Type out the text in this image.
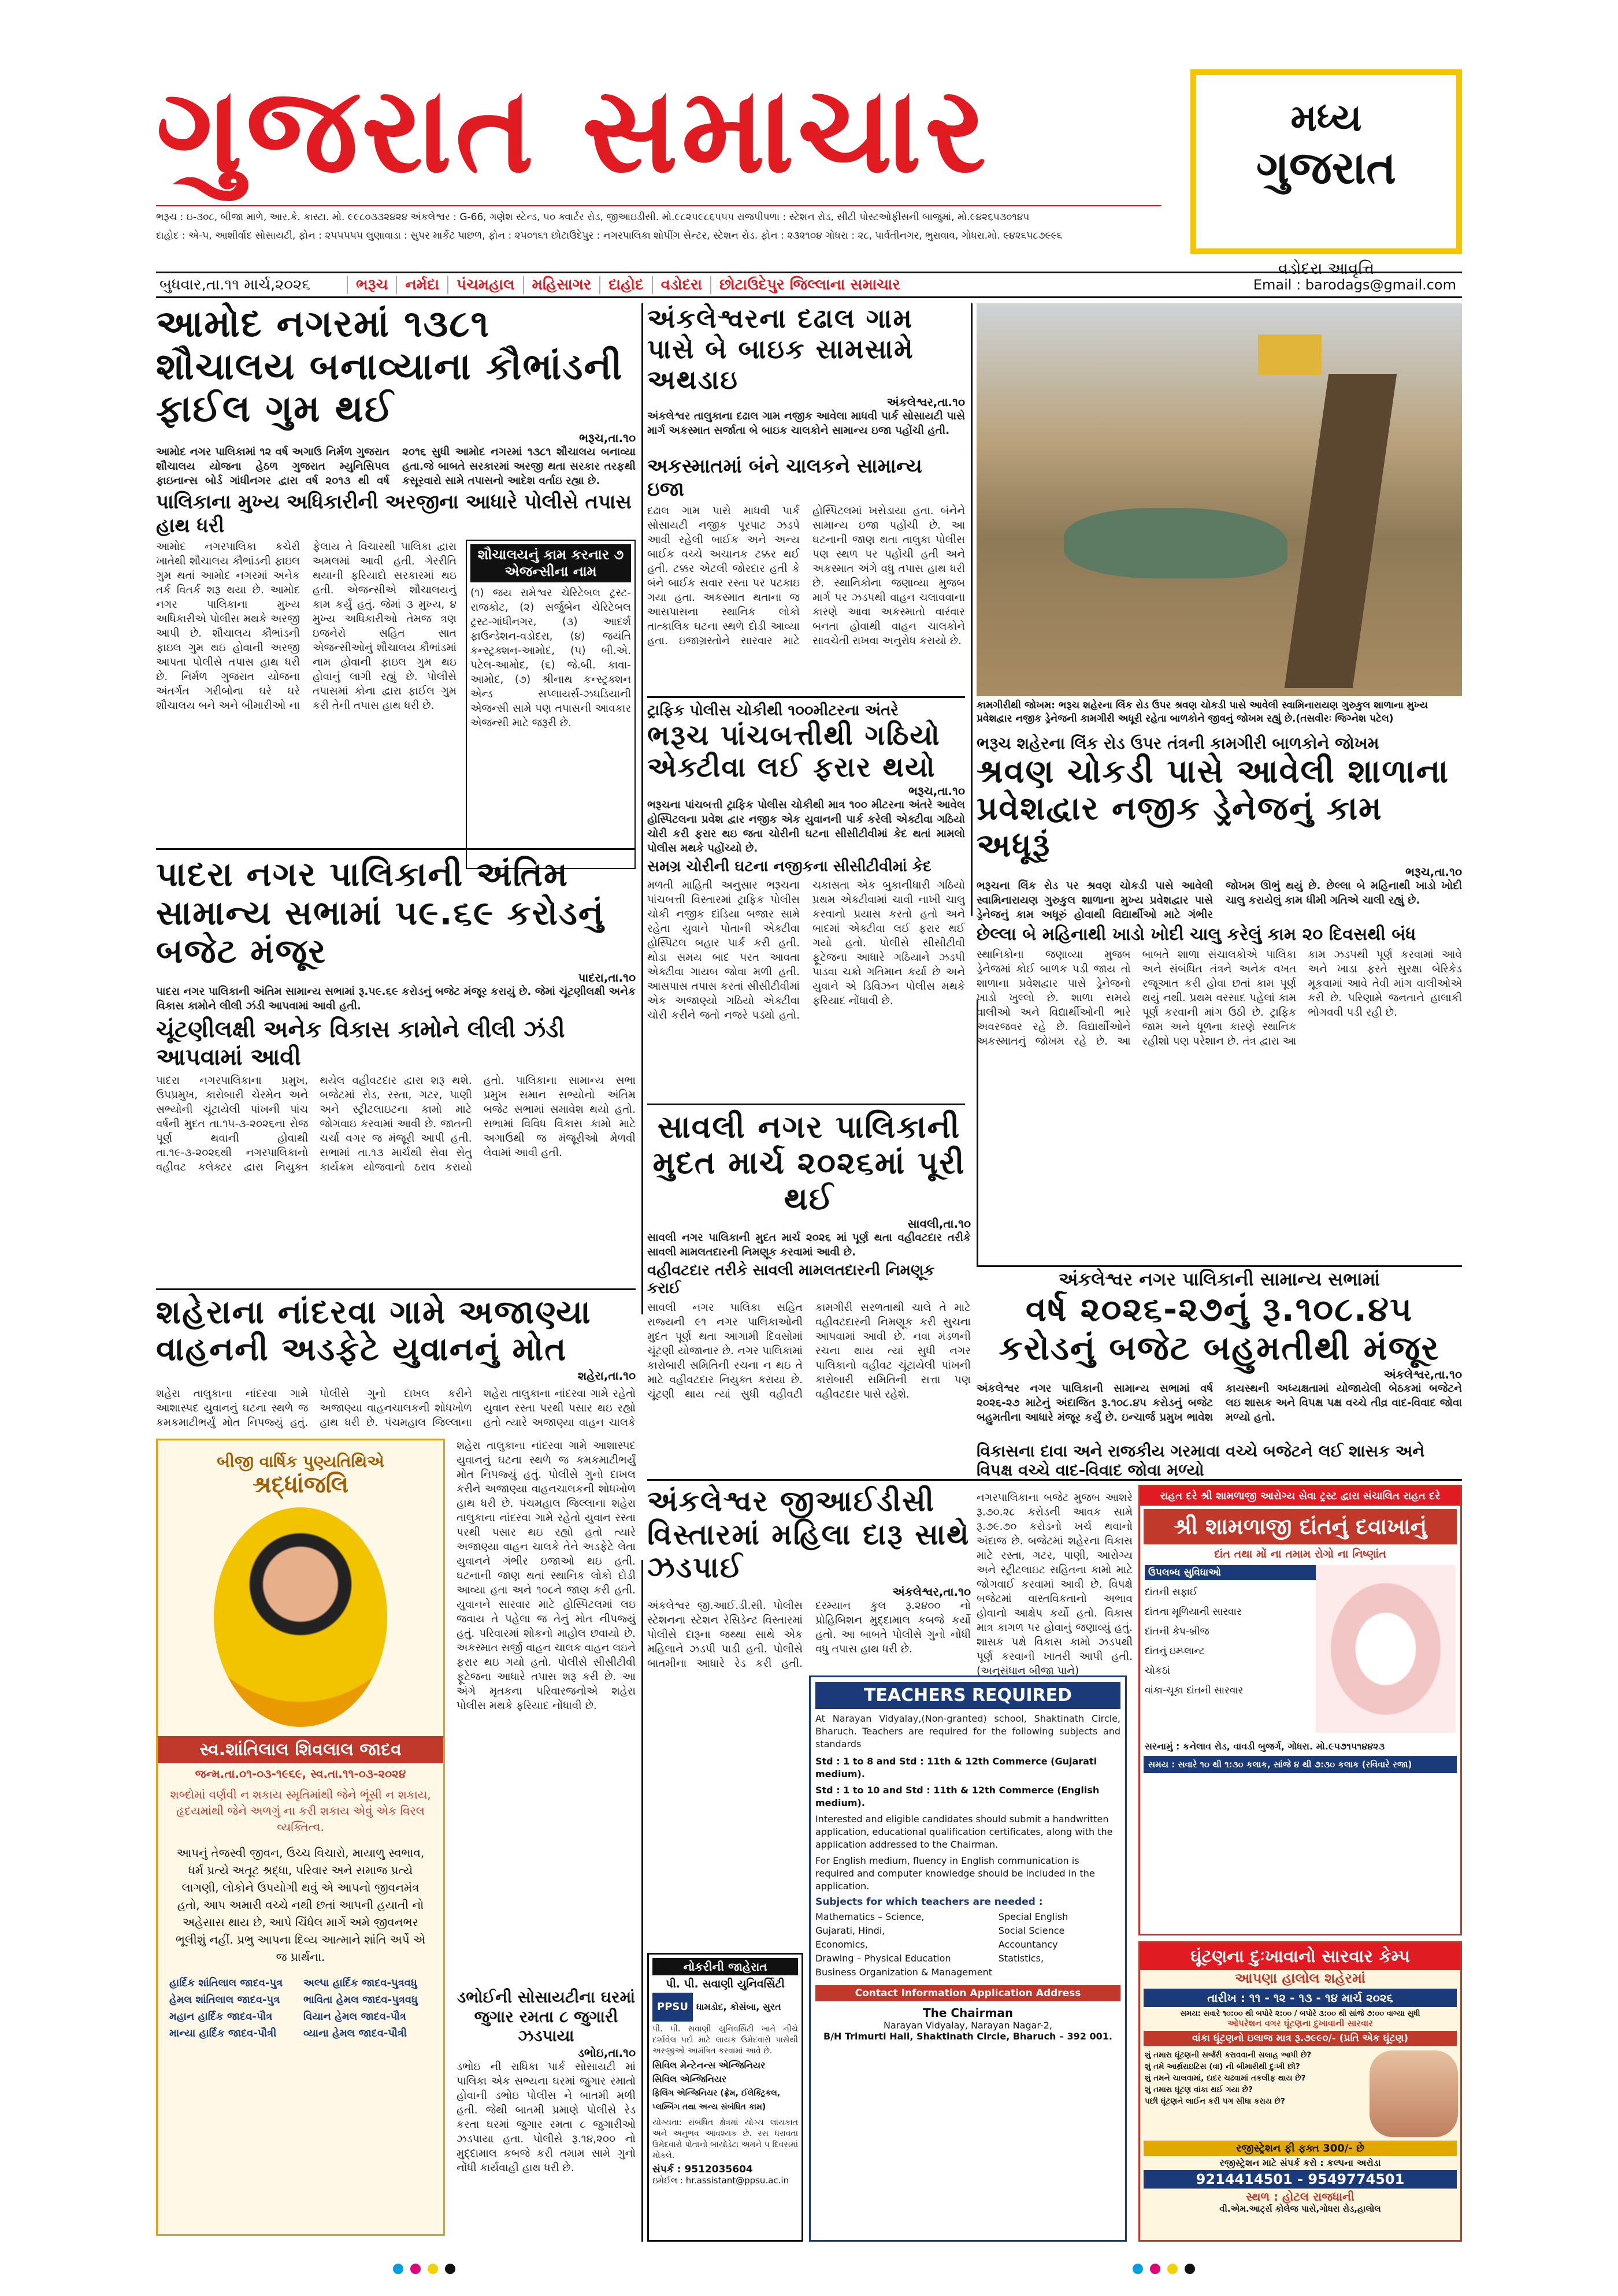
ગુજરાત સમાચાર
ભરૂચ : ઇ-૩૦૮, બીજા માળે, આર.કે. કાસ્ટા. મો. ૯૯૮૦૩૩૨૪૨૪ અંકલેશ્વર : G-66, ગણેશ સ્ટેન્ડ, ૫૦ ક્વાર્ટર રોડ, જીઆઇડીસી. મો.૯૮૨૫૯૮૬૫૫૫ રાજપીપળા : સ્ટેશન રોડ, સીટી પોસ્ટઓફીસની બાજુમાં, મો.૯૪૨૬૫૩૦૧૪૫
દાહોદ : એ-૫, આશીર્વાદ સોસાયટી, ફોન : ૨૫૫૫૫૫ લુણાવાડા : સુપર માર્કેટ પાછળ, ફોન : ૨૫૦૧૬૧ છોટાઉદેપુર : નગરપાલિકા શોપીંગ સેન્ટર, સ્ટેશન રોડ. ફોન : ૨૩૨૧૦૪ ગોધરા : ૨૮, પાર્વતીનગર, ભુરાવાવ, ગોધરા.મો. ૯૪૨૬૫૮૭૯૯૬
મધ્ય
ગુજરાત
વડોદરા આવૃત્તિ
બુધવાર,તા.૧૧ માર્ચ,૨૦૨૬	ભરૂચ	નર્મદા	પંચમહાલ	મહિસાગર	દાહોદ	વડોદરા	છોટાઉદેપુર જિલ્લાના સમાચાર	Email : barodags@gmail.com
આમોદ નગરમાં ૧૩૮૧ શૌચાલય બનાવ્યાના કૌભાંડની ફાઈલ ગુમ થઈ
ભરૂચ,તા.૧૦
આમોદ નગર પાલિકામાં ૧૨ વર્ષ અગાઉ નિર્મળ ગુજરાત શૌચાલય યોજના હેઠળ ગુજરાત મ્યુનિસિપલ ફાઇનાન્સ બોર્ડ ગાંધીનગર દ્વારા વર્ષ ૨૦૧૩ થી વર્ષ ૨૦૧૬ સુધી આમોદ નગરમાં ૧૩૮૧ શૌચાલય બનાવ્યા હતા.જે બાબતે સરકારમાં અરજી થતા સરકાર તરફથી કસૂરવારો સામે તપાસનો આદેશ વર્તાઇ રહ્યા છે.
પાલિકાના મુખ્ય અધિકારીની અરજીના આધારે પોલીસે તપાસ હાથ ધરી
આમોદ નગરપાલિકા કચેરી ખાતેથી શૌચાલય કૌભાંડની ફાઇલ ગુમ થતાં આમોદ નગરમાં અનેક તર્ક વિતર્ક શરૂ થયા છે. આમોદ નગર પાલિકાના મુખ્ય અધિકારીએ પોલીસ મથકે અરજી આપી છે. શૌચાલય કૌભાંડની ફાઇલ ગુમ થઇ હોવાની અરજી આપતા પોલીસે તપાસ હાથ ધરી છે. નિર્મળ ગુજરાત યોજના અંતર્ગત ગરીબોના ઘરે ઘરે શૌચાલય બને અને બીમારીઓ ના ફેલાય તે વિચારથી પાલિકા દ્વારા અમલમાં આવી હતી. ગેરરીતિ થયાની ફરિયાદો સરકારમાં થઇ હતી. એજન્સીએ શૌચાલયનું કામ કર્યું હતું. જેમાં ૩ મુખ્ય, ૪ મુખ્ય અધિકારીઓ તેમજ ત્રણ ઇજનેરો સહિત સાત એજન્સીઓનું શૌચાલય કૌભાંડમાં નામ હોવાની ફાઇલ ગુમ થઇ હોવાનું લાગી રહ્યું છે. પોલીસે તપાસમાં કોના દ્વારા ફાઈલ ગુમ કરી તેની તપાસ હાથ ધરી છે.
શૌચાલયનું કામ કરનાર ૭ એજન્સીના નામ
(૧) જય રામેશ્વર ચેરિટેબલ ટ્રસ્ટ-રાજકોટ, (૨) સર્જુબેન ચેરિટેબલ ટ્રસ્ટ-ગાંધીનગર, (૩) આદર્શ ફાઉન્ડેશન-વડોદરા, (૪) જયંતિ કન્સ્ટ્રક્શન-આમોદ, (૫) બી.એ. પટેલ-આમોદ, (૬) જે.બી. કાવા-આમોદ, (૭) શ્રીનાથ કન્સ્ટ્રક્શન એન્ડ સપ્લાયર્સ-ઝઘડિયાની એજન્સી સામે પણ તપાસની આવકાર એજન્સી માટે જરૂરી છે.
પાદરા નગર પાલિકાની અંતિમ સામાન્ય સભામાં ૫૯.૬૯ કરોડનું બજેટ મંજૂર
પાદરા,તા.૧૦
પાદરા નગર પાલિકાની અંતિમ સામાન્ય સભામાં રૂ.૫૯.૬૯ કરોડનું બજેટ મંજૂર કરાયું છે. જેમાં ચૂંટણીલક્ષી અનેક વિકાસ કામોને લીલી ઝંડી આપવામાં આવી હતી.
ચૂંટણીલક્ષી અનેક વિકાસ કામોને લીલી ઝંડી આપવામાં આવી
પાદરા નગરપાલિકાના પ્રમુખ, ઉપપ્રમુખ, કારોબારી ચેરમેન અને સભ્યોની ચૂંટાયેલી પાંખની પાંચ વર્ષની મુદત તા.૧૫-૩-૨૦૨૬ના રોજ પૂર્ણ થવાની હોવાથી તા.૧૯-૩-૨૦૨૬થી નગરપાલિકાનો વહીવટ કલેક્ટર દ્વારા નિયુક્ત થયેલ વહીવટદાર દ્વારા શરૂ થશે. બજેટમાં રોડ, રસ્તા, ગટર, પાણી અને સ્ટ્રીટલાઇટના કામો માટે જોગવાઇ કરવામાં આવી છે. જાતની ચર્ચા વગર જ મંજૂરી આપી હતી. સભામાં તા.૧૩ માર્ચથી સેવા સેતુ કાર્યક્રમ યોજવાનો ઠરાવ કરાયો હતો. પાલિકાના સામાન્ય સભા પ્રમુખ સમાન સભ્યોનો અંતિમ બજેટ સભામાં સમાવેશ થયો હતો. સભામાં વિવિધ વિકાસ કામો માટે અગાઉથી જ મંજૂરીઓ મેળવી લેવામાં આવી હતી.
શહેરાના નાંદરવા ગામે અજાણ્યા વાહનની અડફેટે યુવાનનું મોત
શહેરા,તા.૧૦
શહેરા તાલુકાના નાંદરવા ગામે આશાસ્પદ યુવાનનું ઘટના સ્થળે જ કમકમાટીભર્યું મોત નિપજ્યું હતું. પોલીસે ગુનો દાખલ કરીને અજાણ્યા વાહનચાલકની શોધખોળ હાથ ધરી છે. પંચમહાલ જિલ્લાના શહેરા તાલુકાના નાંદરવા ગામે રહેતો યુવાન રસ્તા પરથી પસાર થઇ રહ્યો હતો ત્યારે અજાણ્યા વાહન ચાલકે
શહેરા તાલુકાના નાંદરવા ગામે આશાસ્પદ યુવાનનું ઘટના સ્થળે જ કમકમાટીભર્યું મોત નિપજ્યું હતું. પોલીસે ગુનો દાખલ કરીને અજાણ્યા વાહનચાલકની શોધખોળ હાથ ધરી છે. પંચમહાલ જિલ્લાના શહેરા તાલુકાના નાંદરવા ગામે રહેતો યુવાન રસ્તા પરથી પસાર થઇ રહ્યો હતો ત્યારે અજાણ્યા વાહન ચાલકે તેને અડફેટે લેતા યુવાનને ગંભીર ઇજાઓ થઇ હતી. ઘટનાની જાણ થતાં સ્થાનિક લોકો દોડી આવ્યા હતા અને ૧૦૮ને જાણ કરી હતી. યુવાનને સારવાર માટે હોસ્પિટલમાં લઇ જવાય તે પહેલા જ તેનું મોત નીપજ્યું હતું. પરિવારમાં શોકનો માહોલ છવાયો છે. અકસ્માત સર્જી વાહન ચાલક વાહન લઇને ફરાર થઇ ગયો હતો. પોલીસે સીસીટીવી ફૂટેજના આધારે તપાસ શરૂ કરી છે. આ અંગે મૃતકના પરિવારજનોએ શહેરા પોલીસ મથકે ફરિયાદ નોંધાવી છે.
બીજી વાર્ષિક પુણ્યતિથિએ
શ્રદ્ધાંજલિ
સ્વ.શાંતિલાલ શિવલાલ જાદવ
જન્મ.તા.૦૧-૦૩-૧૯૬૯, સ્વ.તા.૧૧-૦૩-૨૦૨૪
શબ્દોમાં વર્ણવી ન શકાય સ્મૃતિમાંથી જેને ભૂંસી ન શકાય, હૃદયમાંથી જેને અળગું ના કરી શકાય એવું એક વિરલ વ્યક્તિત્વ.
આપનું તેજસ્વી જીવન, ઉચ્ચ વિચારો, માયાળુ સ્વભાવ, ધર્મ પ્રત્યે અતૂટ શ્રદ્ધા, પરિવાર અને સમાજ પ્રત્યે લાગણી, લોકોને ઉપયોગી થવું એ આપનો જીવનમંત્ર હતો, આપ અમારી વચ્ચે નથી છતાં આપની હયાતી નો અહેસાસ થાય છે, આપે ચિંધેલ માર્ગે અમે જીવનભર ભૂલીશું નહીં. પ્રભુ આપના દિવ્ય આત્માને શાંતિ અર્પે એ જ પ્રાર્થના.
હાર્દિક શાંતિલાલ જાદવ-પુત્ર	અલ્પા હાર્દિક જાદવ-પુત્રવધુ
હેમલ શાંતિલાલ જાદવ-પુત્ર	ભાવિતા હેમલ જાદવ-પુત્રવધુ
મહાન હાર્દિક જાદવ-પૌત્ર	વિયાન હેમલ જાદવ-પૌત્ર
માન્યા હાર્દિક જાદવ-પૌત્રી	વ્યાના હેમલ જાદવ-પૌત્રી
ડભોઈની સોસાયટીના ઘરમાં જુગાર રમતા ૮ જુગારી ઝડપાયા
ડભોઇ,તા.૧૦
ડભોઇ ની રાધિકા પાર્ક સોસાયટી માં પાલિકા એક સભ્યના ઘરમાં જુગાર રમાતો હોવાની ડભોઇ પોલીસ ને બાતમી મળી હતી. જેથી બાતમી પ્રમાણે પોલીસે રેડ કરતા ઘરમાં જુગાર રમતા ૮ જુગારીઓ ઝડપાયા હતા. પોલીસે રૂ.૧૪,૨૦૦ નો મુદ્દામાલ કબજે કરી તમામ સામે ગુનો નોંધી કાર્યવાહી હાથ ધરી છે.
નોકરીની જાહેરાત
પી. પી. સવાણી યુનિવર્સિટી
PPSU ધામડોદ, કોસંબા, સુરત
પી. પી. સવાણી યુનિવર્સિટી ખાતે નીચે દર્શાવેલ પદો માટે લાયક ઉમેદવારો પાસેથી અરજીઓ આમંત્રિત કરવામાં આવે છે.
સિવિલ મેન્ટેનન્સ એન્જિનિયર
સિવિલ એન્જિનિયર
ફિલિંગ એન્જિનિયર (ફ્રેમ, ઈલેક્ટ્રિકલ, પ્લમ્બિંગ તથા અન્ય સંબંધિત કામ)
યોગ્યતા: સંબંધિત ક્ષેત્રમાં યોગ્ય લાયકાત અને અનુભવ આવશ્યક છે. રસ ધરાવતા ઉમેદવારો પોતાનો બાયોડેટા અમને ૫ દિવસમાં મોકલે.
સંપર્ક : 9512035604
ઇમેઈલ : hr.assistant@ppsu.ac.in
અંકલેશ્વરના દઢાલ ગામ પાસે બે બાઇક સામસામે અથડાઇ
અંકલેશ્વર,તા.૧૦
અંકલેશ્વર તાલુકાના દઢાલ ગામ નજીક આવેલા માધવી પાર્ક સોસાયટી પાસે માર્ગ અકસ્માત સર્જાતા બે બાઇક ચાલકોને સામાન્ય ઇજા પહોંચી હતી.
અકસ્માતમાં બંને ચાલકને સામાન્ય ઇજા
દઢાલ ગામ પાસે માધવી પાર્ક સોસાયટી નજીક પૂરપાટ ઝડપે આવી રહેલી બાઈક અને અન્ય બાઈક વચ્ચે અચાનક ટક્કર થઈ હતી. ટક્કર એટલી જોરદાર હતી કે બંને બાઈક સવાર રસ્તા પર પટકાઇ ગયા હતા. અકસ્માત થતાના જ આસપાસના સ્થાનિક લોકો તાત્કાલિક ઘટના સ્થળે દોડી આવ્યા હતા. ઇજાગ્રસ્તોને સારવાર માટે હોસ્પિટલમાં ખસેડાયા હતા. બંનેને સામાન્ય ઇજા પહોંચી છે. આ ઘટનાની જાણ થતા તાલુકા પોલીસ પણ સ્થળ પર પહોંચી હતી અને અકસ્માત અંગે વધુ તપાસ હાથ ધરી છે. સ્થાનિકોના જણાવ્યા મુજબ માર્ગ પર ઝડપથી વાહન ચલાવવાના કારણે આવા અકસ્માતો વારંવાર બનતા હોવાથી વાહન ચાલકોને સાવચેતી રાખવા અનુરોધ કરાયો છે.
ટ્રાફિક પોલીસ ચોકીથી ૧૦૦મીટરના અંતરે
ભરૂચ પાંચબત્તીથી ગઠિયો એક્ટીવા લઈ ફરાર થયો
ભરૂચ,તા.૧૦
ભરૂચના પાંચબત્તી ટ્રાફિક પોલીસ ચોકીથી માત્ર ૧૦૦ મીટરના અંતરે આવેલ હોસ્પિટલના પ્રવેશ દ્વાર નજીક એક યુવાનની પાર્ક કરેલી એક્ટીવા ગઠિયો ચોરી કરી ફરાર થઇ જતા ચોરીની ઘટના સીસીટીવીમાં કેદ થતાં મામલો પોલીસ મથકે પહોંચ્યો છે.
સમગ્ર ચોરીની ઘટના નજીકના સીસીટીવીમાં કેદ
મળતી માહિતી અનુસાર ભરૂચના પાંચબત્તી વિસ્તારમાં ટ્રાફિક પોલીસ ચોકી નજીક દાંડિયા બજાર સામે રહેતા યુવાને પોતાની એક્ટીવા હોસ્પિટલ બહાર પાર્ક કરી હતી. થોડા સમય બાદ પરત આવતા એક્ટીવા ગાયબ જોવા મળી હતી. આસપાસ તપાસ કરતાં સીસીટીવીમાં એક અજાણ્યો ગઠિયો એક્ટીવા ચોરી કરીને જતો નજરે પડ્યો હતો. ચકાસતા એક બુકાનીધારી ગઠિયો પ્રથમ એક્ટીવામાં ચાવી નાખી ચાલુ કરવાનો પ્રયાસ કરતો હતો અને બાદમાં એક્ટીવા લઈ ફરાર થઈ ગયો હતો. પોલીસે સીસીટીવી ફૂટેજના આધારે ગઠિયાને ઝડપી પાડવા ચક્રો ગતિમાન કર્યા છે અને યુવાને એ ડિવિઝન પોલીસ મથકે ફરિયાદ નોંધાવી છે.
સાવલી નગર પાલિકાની મુદત માર્ચ ૨૦૨૬માં પૂરી થઈ
સાવલી,તા.૧૦
સાવલી નગર પાલિકાની મુદત માર્ચ ૨૦૨૬ માં પૂર્ણ થતા વહીવટદાર તરીકે સાવલી મામલતદારની નિમણૂક કરવામાં આવી છે.
વહીવટદાર તરીકે સાવલી મામલતદારની નિમણૂક કરાઈ
સાવલી નગર પાલિકા સહિત રાજ્યની ૯૧ નગર પાલિકાઓની મુદત પૂર્ણ થતા આગામી દિવસોમાં ચૂંટણી યોજાનાર છે. નગર પાલિકામાં કારોબારી સમિતિની રચના ન થઇ તે માટે વહીવટદાર નિયુક્ત કરાયા છે. ચૂંટણી થાય ત્યાં સુધી વહીવટી કામગીરી સરળતાથી ચાલે તે માટે વહીવટદારની નિમણૂક કરી સુચના આપવામાં આવી છે. નવા મંડળની રચના થાય ત્યાં સુધી નગર પાલિકાનો વહીવટ ચૂંટાયેલી પાંખની કારોબારી સમિતિની સત્તા પણ વહીવટદાર પાસે રહેશે.
અંકલેશ્વર જીઆઈડીસી વિસ્તારમાં મહિલા દારૂ સાથે ઝડપાઈ
અંકલેશ્વર,તા.૧૦
અંકલેશ્વર જી.આઈ.ડી.સી. પોલીસ સ્ટેશનના સ્ટેશન રેસિડેન્ટ વિસ્તારમાં પોલીસે દારૂના જથ્થા સાથે એક મહિલાને ઝડપી પાડી હતી. પોલીસે બાતમીના આધારે રેડ કરી હતી. દરમ્યાન કુલ રૂ.૨૪૦૦ નો પ્રોહિબિશન મુદ્દામાલ કબજે કર્યો હતો. આ બાબતે પોલીસે ગુનો નોંધી વધુ તપાસ હાથ ધરી છે.
કામગીરીથી જોખમ: ભરૂચ શહેરના લિંક રોડ ઉપર શ્રવણ ચોકડી પાસે આવેલી સ્વામિનારાયણ ગુરુકુલ શાળાના મુખ્ય પ્રવેશદ્વાર નજીક ડ્રેનેજની કામગીરી અધૂરી રહેતા બાળકોને જીવનું જોખમ રહ્યું છે.(તસવીરઃ જિગ્નેશ પટેલ)
ભરૂચ શહેરના લિંક રોડ ઉપર તંત્રની કામગીરી બાળકોને જોખમ
શ્રવણ ચોકડી પાસે આવેલી શાળાના પ્રવેશદ્વાર નજીક ડ્રેનેજનું કામ અધૂરૂં
ભરૂચ,તા.૧૦
ભરૂચના લિંક રોડ પર શ્રવણ ચોકડી પાસે આવેલી સ્વામિનારાયણ ગુરુકુલ શાળાના મુખ્ય પ્રવેશદ્વાર પાસે ડ્રેનેજનું કામ અધૂરું હોવાથી વિદ્યાર્થીઓ માટે ગંભીર જોખમ ઊભું થયું છે. છેલ્લા બે મહિનાથી ખાડો ખોદી ચાલુ કરાયેલું કામ ધીમી ગતિએ ચાલી રહ્યું છે.
છેલ્લા બે મહિનાથી ખાડો ખોદી ચાલુ કરેલું કામ ૨૦ દિવસથી બંધ
સ્થાનિકોના જણાવ્યા મુજબ ડ્રેનેજમાં કોઈ બાળક પડી જાય તો શાળાના પ્રવેશદ્વાર પાસે ડ્રેનેજનો ખાડો ખુલ્લો છે. શાળા સમયે વાલીઓ અને વિદ્યાર્થીઓની ભારે અવરજવર રહે છે. વિદ્યાર્થીઓને અકસ્માતનું જોખમ રહે છે. આ બાબતે શાળા સંચાલકોએ પાલિકા અને સંબંધિત તંત્રને અનેક વખત રજૂઆત કરી હોવા છતાં કામ પૂર્ણ થયું નથી. પ્રથમ વરસાદ પહેલાં કામ પૂર્ણ કરવાની માંગ ઉઠી છે. ટ્રાફિક જામ અને ધૂળના કારણે સ્થાનિક રહીશો પણ પરેશાન છે. તંત્ર દ્વારા આ કામ ઝડપથી પૂર્ણ કરવામાં આવે અને ખાડા ફરતે સુરક્ષા બેરિકેડ મૂકવામાં આવે તેવી માંગ વાલીઓએ કરી છે. પરિણામે જનતાને હાલાકી ભોગવવી પડી રહી છે.
અંકલેશ્વર નગર પાલિકાની સામાન્ય સભામાં
વર્ષ ૨૦૨૬-૨૭નું રૂ.૧૦૮.૪૫ કરોડનું બજેટ બહુમતીથી મંજૂર
અંકલેશ્વર,તા.૧૦
અંકલેશ્વર નગર પાલિકાની સામાન્ય સભામાં વર્ષ ૨૦૨૬-૨૭ માટેનું અંદાજિત રૂ.૧૦૮.૪૫ કરોડનું બજેટ બહુમતીના આધારે મંજૂર કર્યું છે. ઇન્ચાર્જ પ્રમુખ ભાવેશ કાયસ્થની અધ્યક્ષતામાં યોજાયેલી બેઠકમાં બજેટને લઇ શાસક અને વિપક્ષ પક્ષ વચ્ચે તીવ્ર વાદ-વિવાદ જોવા મળ્યો હતો.
વિકાસના દાવા અને રાજકીય ગરમાવા વચ્ચે બજેટને લઈ શાસક અને વિપક્ષ વચ્ચે વાદ-વિવાદ જોવા મળ્યો
નગરપાલિકાના બજેટ મુજબ આશરે રૂ.૭૦.૨૮ કરોડની આવક સામે રૂ.૭૯.૭૦ કરોડનો ખર્ચ થવાનો અંદાજ છે. બજેટમાં શહેરના વિકાસ માટે રસ્તા, ગટર, પાણી, આરોગ્ય અને સ્ટ્રીટલાઇટ સહિતના કામો માટે જોગવાઈ કરવામાં આવી છે. વિપક્ષે બજેટમાં વાસ્તવિકતાનો અભાવ હોવાનો આક્ષેપ કર્યો હતો. વિકાસ માત્ર કાગળ પર હોવાનું જણાવ્યું હતું. શાસક પક્ષે વિકાસ કામો ઝડપથી પૂર્ણ કરવાની ખાતરી આપી હતી. (અનુસંધાન બીજા પાને)
TEACHERS REQUIRED
At Narayan Vidyalay,(Non-granted) school, Shaktinath Circle, Bharuch. Teachers are required for the following subjects and standards
Std : 1 to 8 and Std : 11th & 12th Commerce (Gujarati medium).
Std : 1 to 10 and Std : 11th & 12th Commerce (English medium).
Interested and eligible candidates should submit a handwritten application, educational qualification certificates, along with the application addressed to the Chairman.
For English medium, fluency in English communication is required and computer knowledge should be included in the application.
Subjects for which teachers are needed :
Mathematics – Science,
Gujarati, Hindi,
Economics,
Drawing – Physical Education
Business Organization & Management
Special English
Social Science
Accountancy
Statistics,
Contact Information Application Address
The Chairman
Narayan Vidyalay, Narayan Nagar-2,
B/H Trimurti Hall, Shaktinath Circle, Bharuch – 392 001.
રાહત દરે શ્રી શામળાજી આરોગ્ય સેવા ટ્રસ્ટ દ્વારા સંચાલિત રાહત દરે
શ્રી શામળાજી દાંતનું દવાખાનું
દાંત તથા મોં ના તમામ રોગો ના નિષ્ણાંત
ઉપલબ્ધ સુવિધાઓ
દાંતની સફાઈ
દાંતના મૂળિયાની સારવાર
દાંતની કેપ-બ્રીજ
દાંતનું ઇમ્પ્લાન્ટ
ચોકઠાં
વાંકા-ચૂકા દાંતની સારવાર
સરનામું : કનેલાવ રોડ, વાવડી બુજર્ગ, ગોધરા. મો.૯૫૭૧૫૧૪૪૨૩
સમય : સવારે ૧૦ થી ૧:૩૦ કલાક, સાંજે ૪ થી ૭:૩૦ કલાક (રવિવારે રજા)
ઘૂંટણના દુઃખાવાનો સારવાર કેમ્પ
આપણા હાલોલ શહેરમાં
તારીખ : ૧૧ - ૧૨ - ૧૩ - ૧૪ માર્ચ ૨૦૨૬
સમય: સવારે ૧૦:૦૦ થી બપોરે ૨:૦૦ / બપોરે ૩:૦૦ થી સાંજે ૭:૦૦ વાગ્યા સુધી
ઓપરેશન વગર ઘૂંટણના દુખાવાની સારવાર
વાંકા ઘૂંટણનો ઇલાજ માત્ર રૂ.૭૯૯૦/- (પ્રતિ એક ઘૂંટણ)
શું તમારા ઘૂંટણની સર્જરી કરાવવાની સલાહ આપી છે?
શું તમે આર્થ્રરાઇટિસ (વા) ની બીમારીથી દુઃખી છો?
શું તમને ચાલવામાં, દાદર ચઢવામાં તકલીફ થાય છે?
શું તમારા ઘૂંટણ વાંકા થઈ ગયા છે?
પછી ઘૂંટણને લાઈન કરી પગ સીધા કરાય છે?
રજીસ્ટ્રેશન ફી ફક્ત 300/- છે
રજીસ્ટ્રેશન માટે સંપર્ક કરો : કલ્પના અરોડા
9214414501 - 9549774501
સ્થળ : હોટલ રાજધાની
વી.એમ.આર્ટ્સ કોલેજ પાસે,ગોધરા રોડ,હાલોલ
